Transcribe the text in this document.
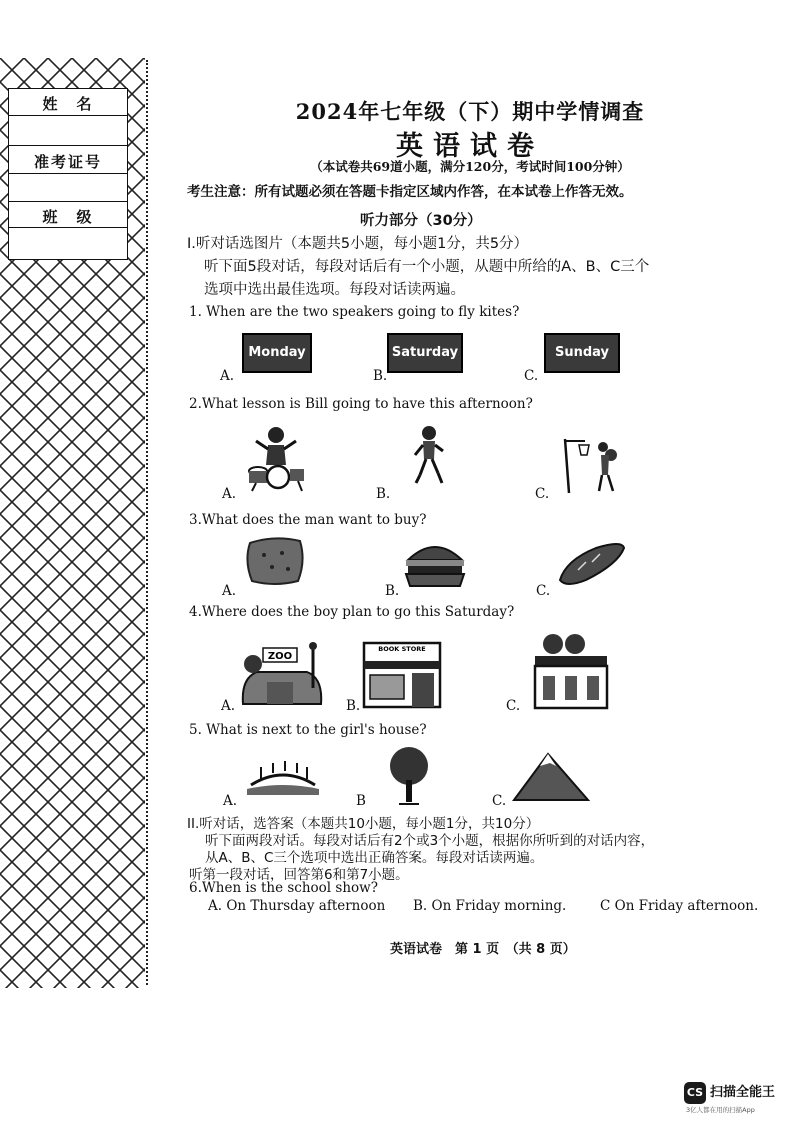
姓　名
准考证号
班　级
2024年七年级（下）期中学情调查
英语试卷
（本试卷共69道小题，满分120分，考试时间100分钟）
考生注意：所有试题必须在答题卡指定区域内作答，在本试卷上作答无效。
听力部分（30分）
I.听对话选图片（本题共5小题，每小题1分，共5分）
听下面5段对话，每段对话后有一个小题，从题中所给的A、B、C三个
选项中选出最佳选项。每段对话读两遍。
1. When are the two speakers going to fly kites?
Monday	Saturday	Sunday
A.	B.	C.
2.What lesson is Bill going to have this afternoon?
A.	B.	C.
3.What does the man want to buy?
A.	B.	C.
4.Where does the boy plan to go this Saturday?
ZOO
BOOK STORE
A.	B.	C.
5. What is next to the girl's house?
A.	B	C.
II.听对话，选答案（本题共10小题，每小题1分，共10分）
听下面两段对话。每段对话后有2个或3个小题，根据你所听到的对话内容，
从A、B、C三个选项中选出正确答案。每段对话读两遍。
听第一段对话，回答第6和第7小题。
6.When is the school show?
A. On Thursday afternoon B. On Friday morning. C On Friday afternoon.
英语试卷　第 1 页　（共 8 页）
CS 扫描全能王
3亿人都在用的扫描App
